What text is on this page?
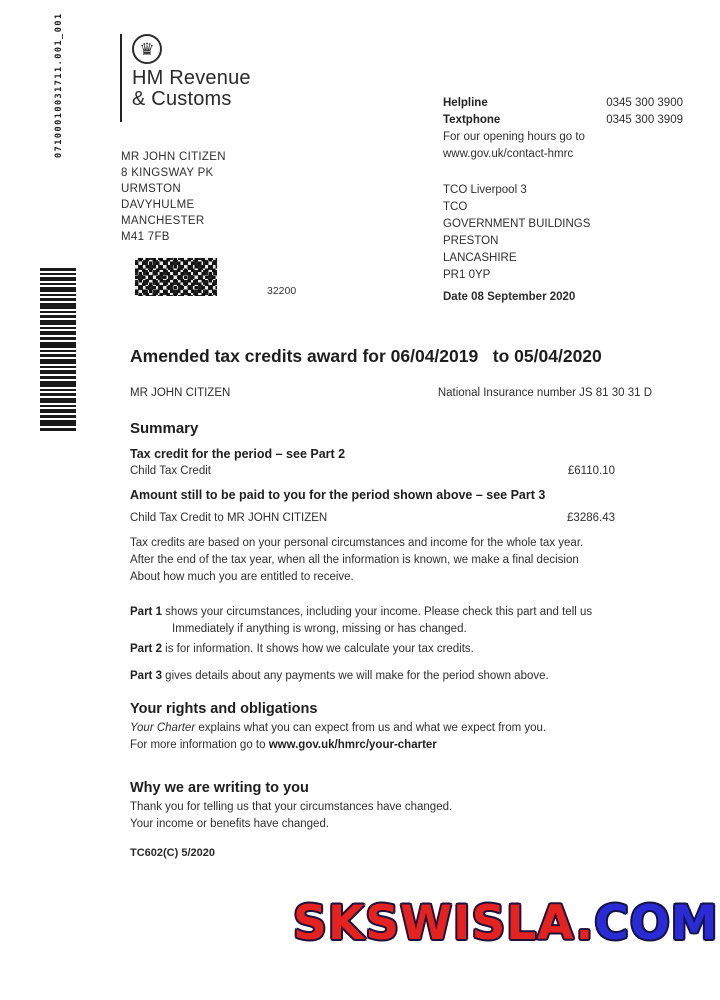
07100010031711.001_001	♛
HM Revenue
& Customs
MR JOHN CITIZEN
8 KINGSWAY PK
URMSTON
DAVYHULME
MANCHESTER
M41 7FB
Helpline	0345 300 3900
Textphone	0345 300 3909
For our opening hours go to
www.gov.uk/contact-hmrc
TCO Liverpool 3
TCO
GOVERNMENT BUILDINGS
PRESTON
LANCASHIRE
PR1 0YP
Date 08 September 2020
32200
Amended tax credits award for 06/04/2019   to 05/04/2020
MR JOHN CITIZEN	National Insurance number JS 81 30 31 D
Summary
Tax credit for the period – see Part 2
Child Tax Credit	£6110.10
Amount still to be paid to you for the period shown above – see Part 3
Child Tax Credit to MR JOHN CITIZEN	£3286.43
Tax credits are based on your personal circumstances and income for the whole tax year.
After the end of the tax year, when all the information is known, we make a final decision
About how much you are entitled to receive.
Part 1 shows your circumstances, including your income. Please check this part and tell us
Immediately if anything is wrong, missing or has changed.
Part 2 is for information. It shows how we calculate your tax credits.
Part 3 gives details about any payments we will make for the period shown above.
Your rights and obligations
Your Charter explains what you can expect from us and what we expect from you.
For more information go to www.gov.uk/hmrc/your-charter
Why we are writing to you
Thank you for telling us that your circumstances have changed.
Your income or benefits have changed.
TC602(C) 5/2020
SKSWISLA.COM
